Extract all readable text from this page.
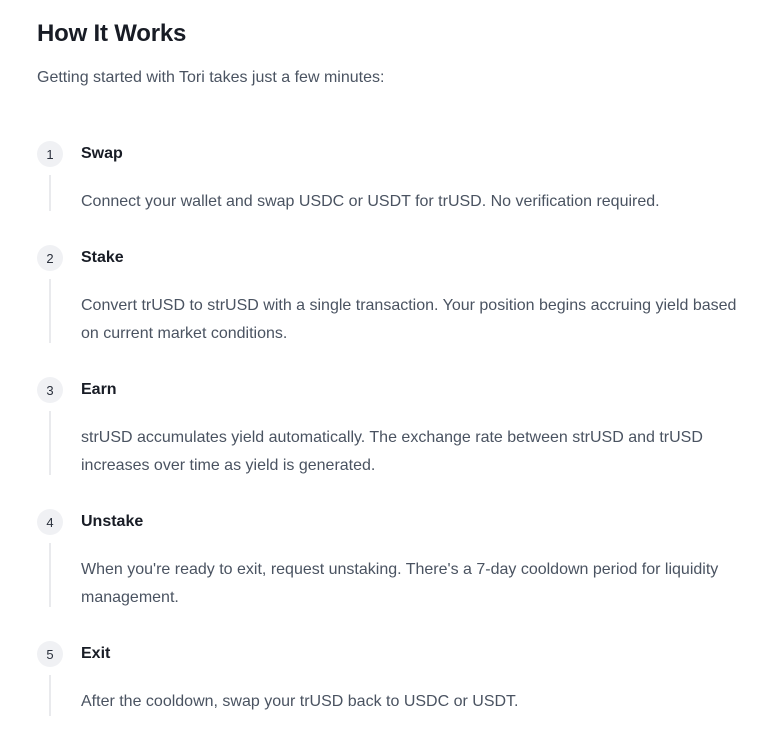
How It Works

Getting started with Tori takes just a few minutes:

1	Swap

Connect your wallet and swap USDC or USDT for trUSD. No verification required.

2	Stake

Convert trUSD to strUSD with a single transaction. Your position begins accruing yield based on current market conditions.

3	Earn

strUSD accumulates yield automatically. The exchange rate between strUSD and trUSD increases over time as yield is generated.

4	Unstake

When you're ready to exit, request unstaking. There's a 7-day cooldown period for liquidity management.

5	Exit

After the cooldown, swap your trUSD back to USDC or USDT.
